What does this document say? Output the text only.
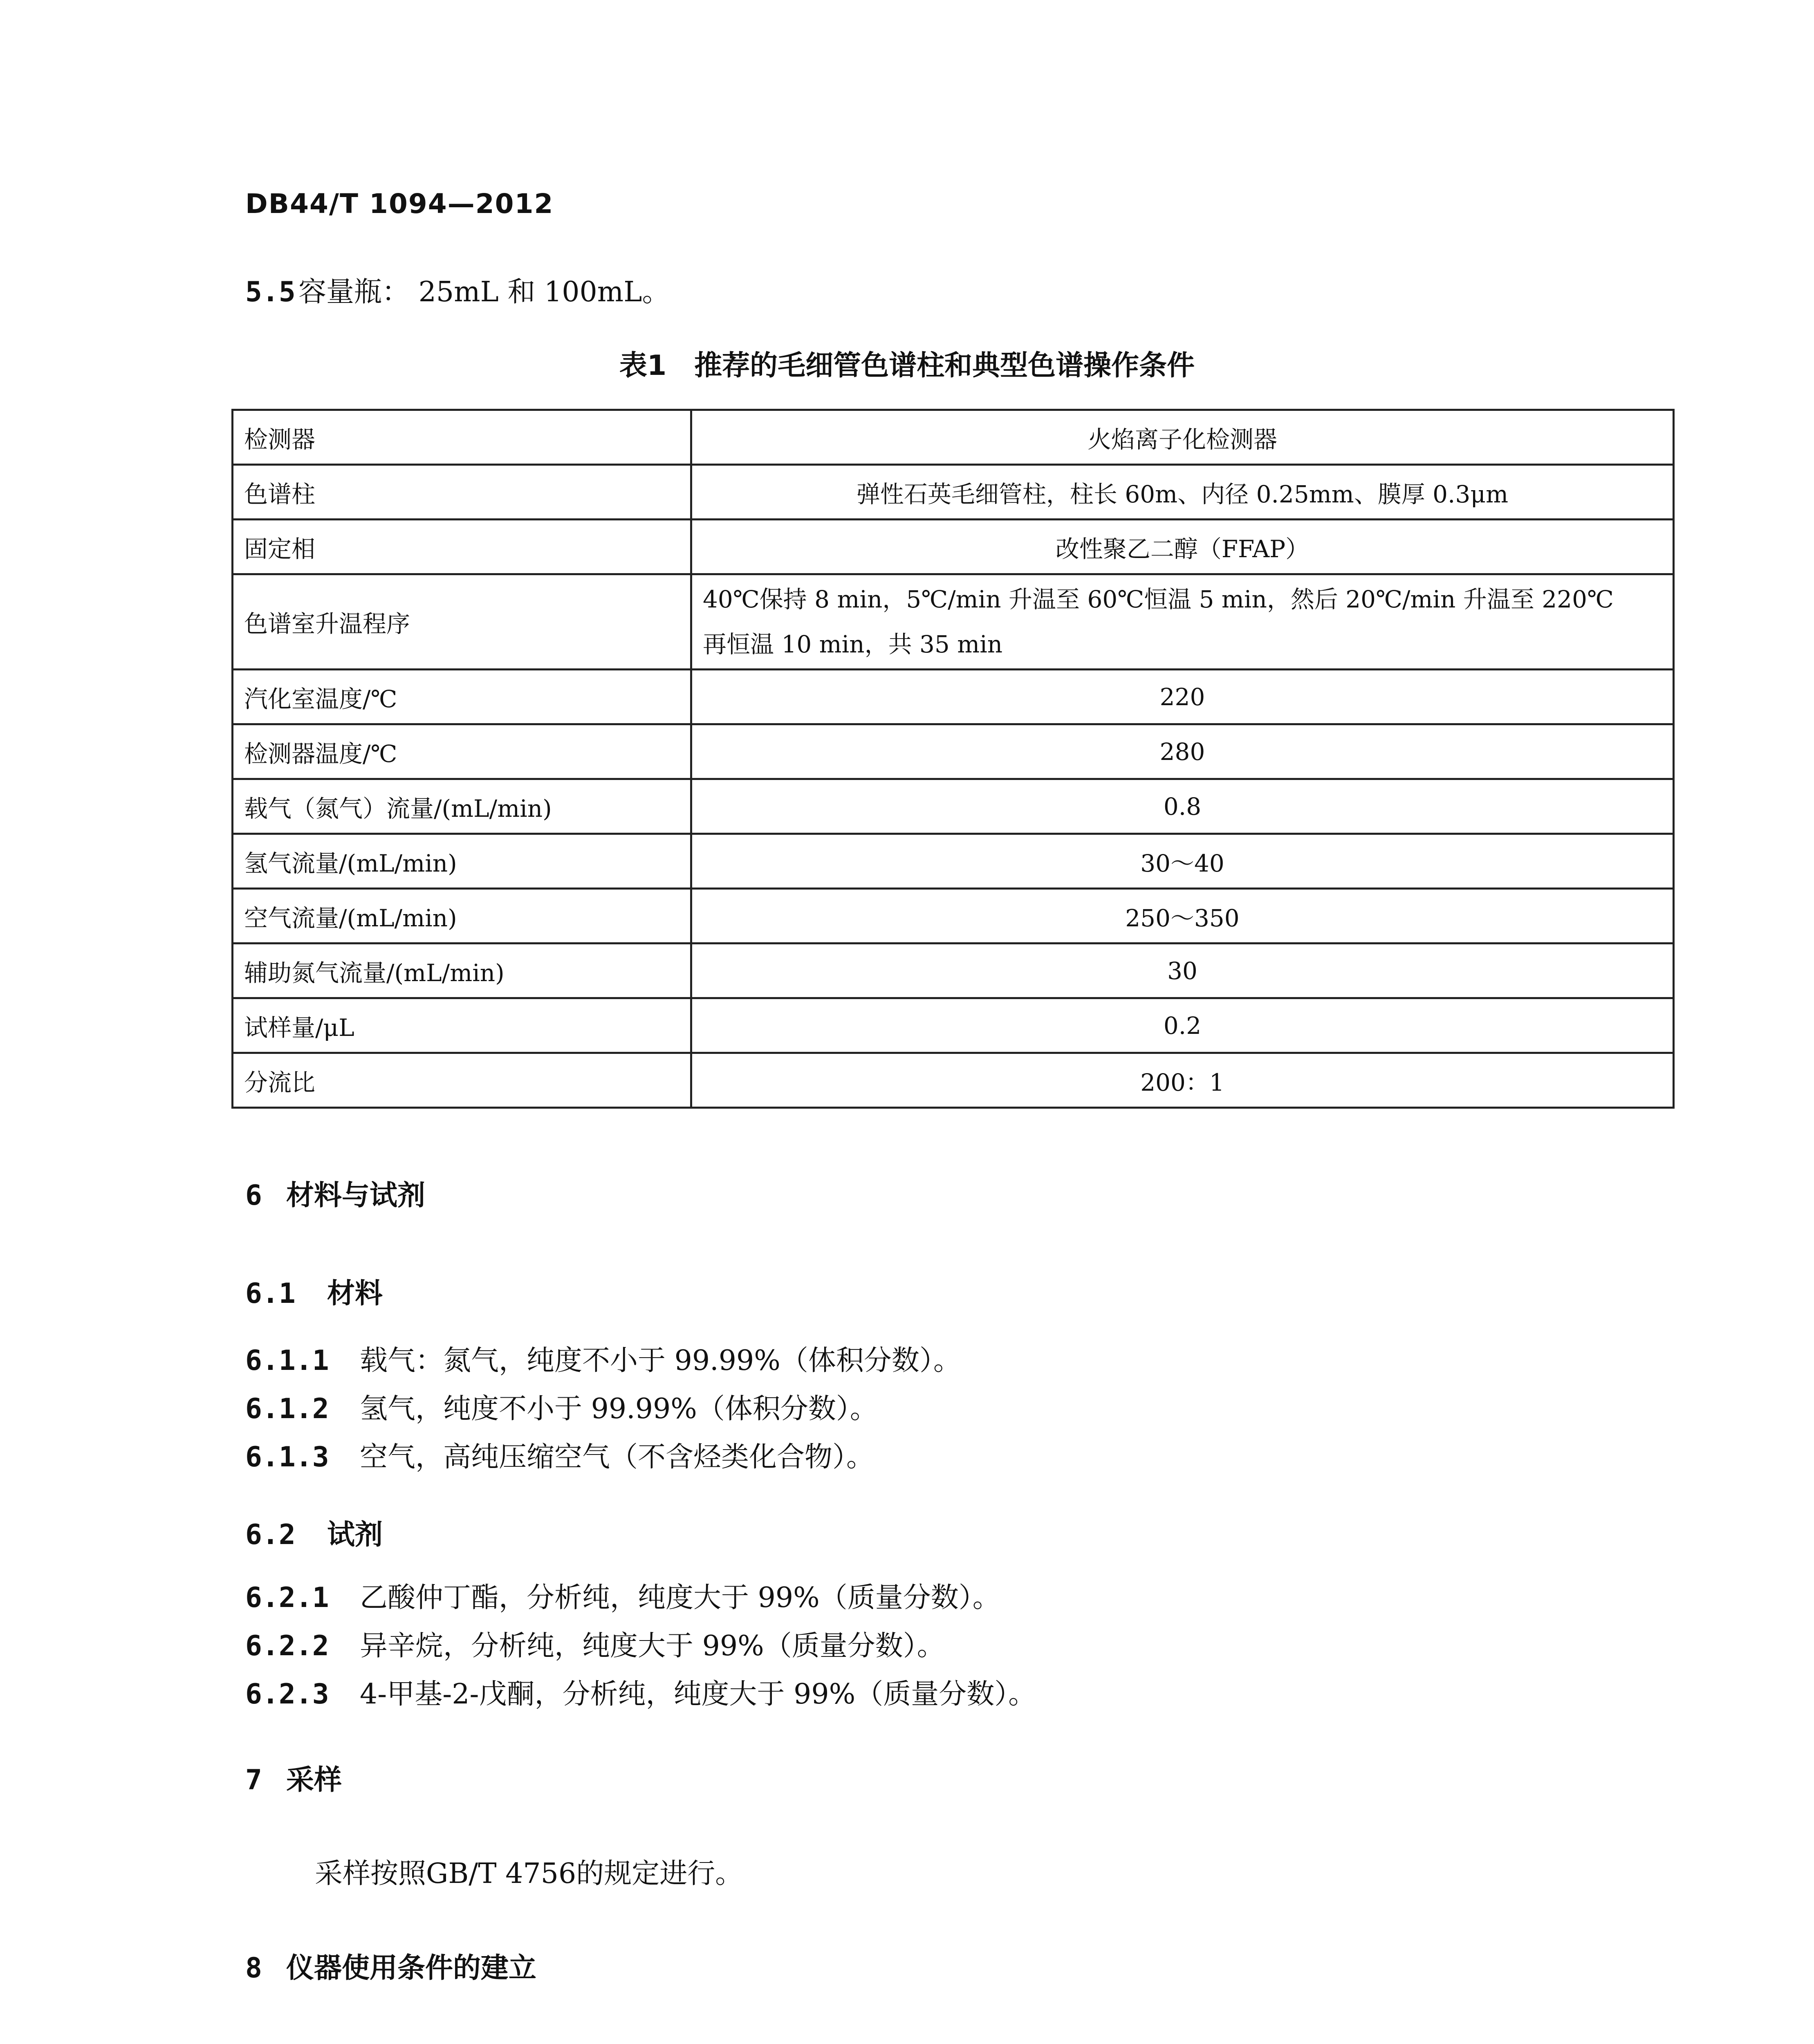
DB44/T 1094—2012
5.5 容量瓶： 25mL 和 100mL。
表1　推荐的毛细管色谱柱和典型色谱操作条件
检测器	火焰离子化检测器
色谱柱	弹性石英毛细管柱，柱长 60m、内径 0.25mm、膜厚 0.3μm
固定相	改性聚乙二醇（FFAP）
色谱室升温程序	40℃保持 8 min，5℃/min 升温至 60℃恒温 5 min，然后 20℃/min 升温至 220℃
再恒温 10 min，共 35 min

汽化室温度/℃	220
检测器温度/℃	280
载气（氮气）流量/(mL/min)	0.8
氢气流量/(mL/min)	30～40
空气流量/(mL/min)	250～350
辅助氮气流量/(mL/min)	30
试样量/μL	0.2
分流比	200：1
6 材料与试剂
6.1 材料
6.1.1 载气：氮气，纯度不小于 99.99%（体积分数）。
6.1.2 氢气，纯度不小于 99.99%（体积分数）。
6.1.3 空气，高纯压缩空气（不含烃类化合物）。
6.2 试剂
6.2.1 乙酸仲丁酯，分析纯，纯度大于 99%（质量分数）。
6.2.2 异辛烷，分析纯，纯度大于 99%（质量分数）。
6.2.3 4-甲基-2-戊酮，分析纯，纯度大于 99%（质量分数）。
7 采样
采样按照GB/T 4756的规定进行。
8 仪器使用条件的建立
